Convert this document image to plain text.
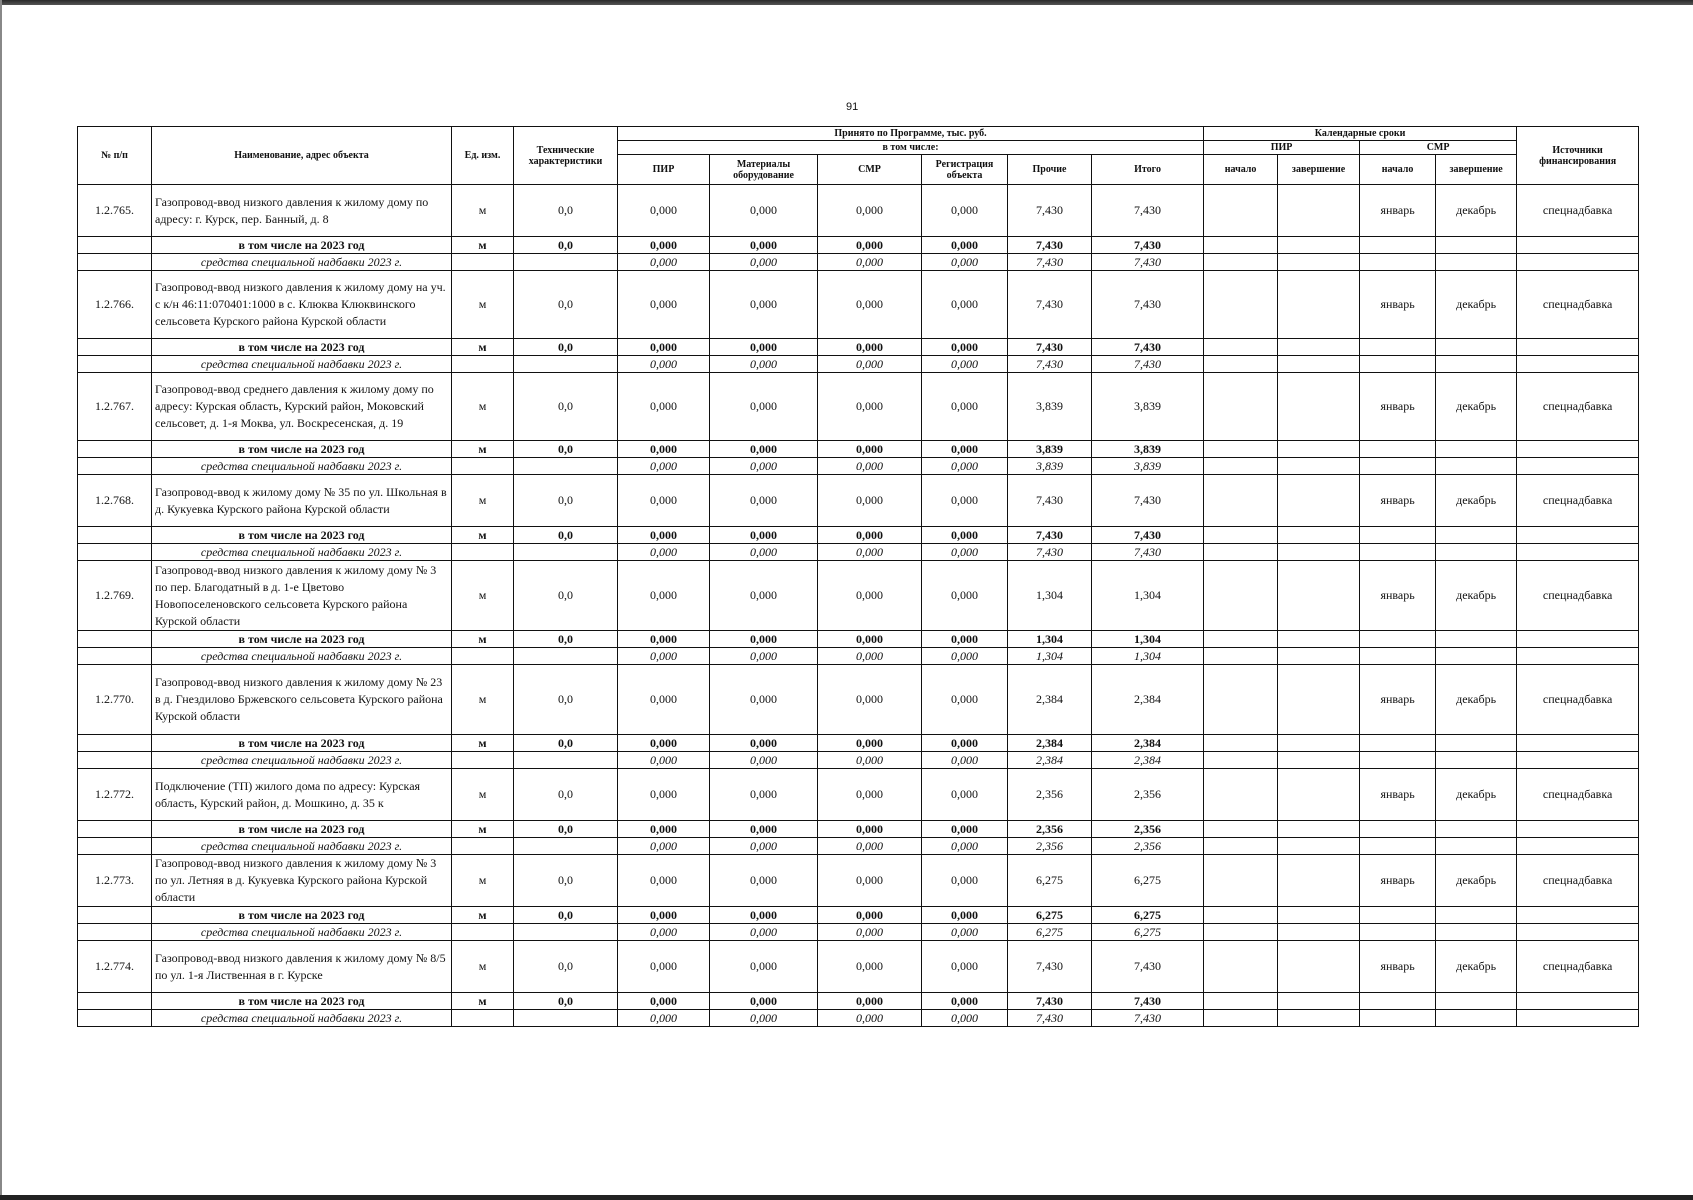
91
№ п/п	Наименование, адрес объекта	Ед. изм.	Технические характеристики	Принято по Программе, тыс. руб.						Календарные сроки				Источники финансирования
				в том числе:						ПИР		СМР		
				ПИР	Материалы оборудование	СМР	Регистрация объекта	Прочие	Итого	начало	завершение	начало	завершение	
1.2.765.	Газопровод-ввод низкого давления к жилому дому по адресу: г. Курск, пер. Банный, д. 8	м	0,0	0,000	0,000	0,000	0,000	7,430	7,430			январь	декабрь	спецнадбавка
	в том числе на 2023 год	м	0,0	0,000	0,000	0,000	0,000	7,430	7,430					
	средства специальной надбавки 2023 г.			0,000	0,000	0,000	0,000	7,430	7,430					
1.2.766.	Газопровод-ввод низкого давления к жилому дому на уч. с к/н 46:11:070401:1000 в с. Клюква Клюквинского сельсовета Курского района Курской области	м	0,0	0,000	0,000	0,000	0,000	7,430	7,430			январь	декабрь	спецнадбавка
	в том числе на 2023 год	м	0,0	0,000	0,000	0,000	0,000	7,430	7,430					
	средства специальной надбавки 2023 г.			0,000	0,000	0,000	0,000	7,430	7,430					
1.2.767.	Газопровод-ввод среднего давления к жилому дому по адресу: Курская область, Курский район, Моковский сельсовет, д. 1-я Моква, ул. Воскресенская, д. 19	м	0,0	0,000	0,000	0,000	0,000	3,839	3,839			январь	декабрь	спецнадбавка
	в том числе на 2023 год	м	0,0	0,000	0,000	0,000	0,000	3,839	3,839					
	средства специальной надбавки 2023 г.			0,000	0,000	0,000	0,000	3,839	3,839					
1.2.768.	Газопровод-ввод к жилому дому № 35 по ул. Школьная в д. Кукуевка Курского района Курской области	м	0,0	0,000	0,000	0,000	0,000	7,430	7,430			январь	декабрь	спецнадбавка
	в том числе на 2023 год	м	0,0	0,000	0,000	0,000	0,000	7,430	7,430					
	средства специальной надбавки 2023 г.			0,000	0,000	0,000	0,000	7,430	7,430					
1.2.769.	Газопровод-ввод низкого давления к жилому дому № 3 по пер. Благодатный в д. 1-е Цветово Новопоселеновского сельсовета Курского района Курской области	м	0,0	0,000	0,000	0,000	0,000	1,304	1,304			январь	декабрь	спецнадбавка
	в том числе на 2023 год	м	0,0	0,000	0,000	0,000	0,000	1,304	1,304					
	средства специальной надбавки 2023 г.			0,000	0,000	0,000	0,000	1,304	1,304					
1.2.770.	Газопровод-ввод низкого давления к жилому дому № 23 в д. Гнездилово Бржевского сельсовета Курского района Курской области	м	0,0	0,000	0,000	0,000	0,000	2,384	2,384			январь	декабрь	спецнадбавка
	в том числе на 2023 год	м	0,0	0,000	0,000	0,000	0,000	2,384	2,384					
	средства специальной надбавки 2023 г.			0,000	0,000	0,000	0,000	2,384	2,384					
1.2.772.	Подключение (ТП) жилого дома по адресу: Курская область, Курский район, д. Мошкино, д. 35 к	м	0,0	0,000	0,000	0,000	0,000	2,356	2,356			январь	декабрь	спецнадбавка
	в том числе на 2023 год	м	0,0	0,000	0,000	0,000	0,000	2,356	2,356					
	средства специальной надбавки 2023 г.			0,000	0,000	0,000	0,000	2,356	2,356					
1.2.773.	Газопровод-ввод низкого давления к жилому дому № 3 по ул. Летняя в д. Кукуевка Курского района Курской области	м	0,0	0,000	0,000	0,000	0,000	6,275	6,275			январь	декабрь	спецнадбавка
	в том числе на 2023 год	м	0,0	0,000	0,000	0,000	0,000	6,275	6,275					
	средства специальной надбавки 2023 г.			0,000	0,000	0,000	0,000	6,275	6,275					
1.2.774.	Газопровод-ввод низкого давления к жилому дому № 8/5 по ул. 1-я Лиственная в г. Курске	м	0,0	0,000	0,000	0,000	0,000	7,430	7,430			январь	декабрь	спецнадбавка
	в том числе на 2023 год	м	0,0	0,000	0,000	0,000	0,000	7,430	7,430					
	средства специальной надбавки 2023 г.			0,000	0,000	0,000	0,000	7,430	7,430					
